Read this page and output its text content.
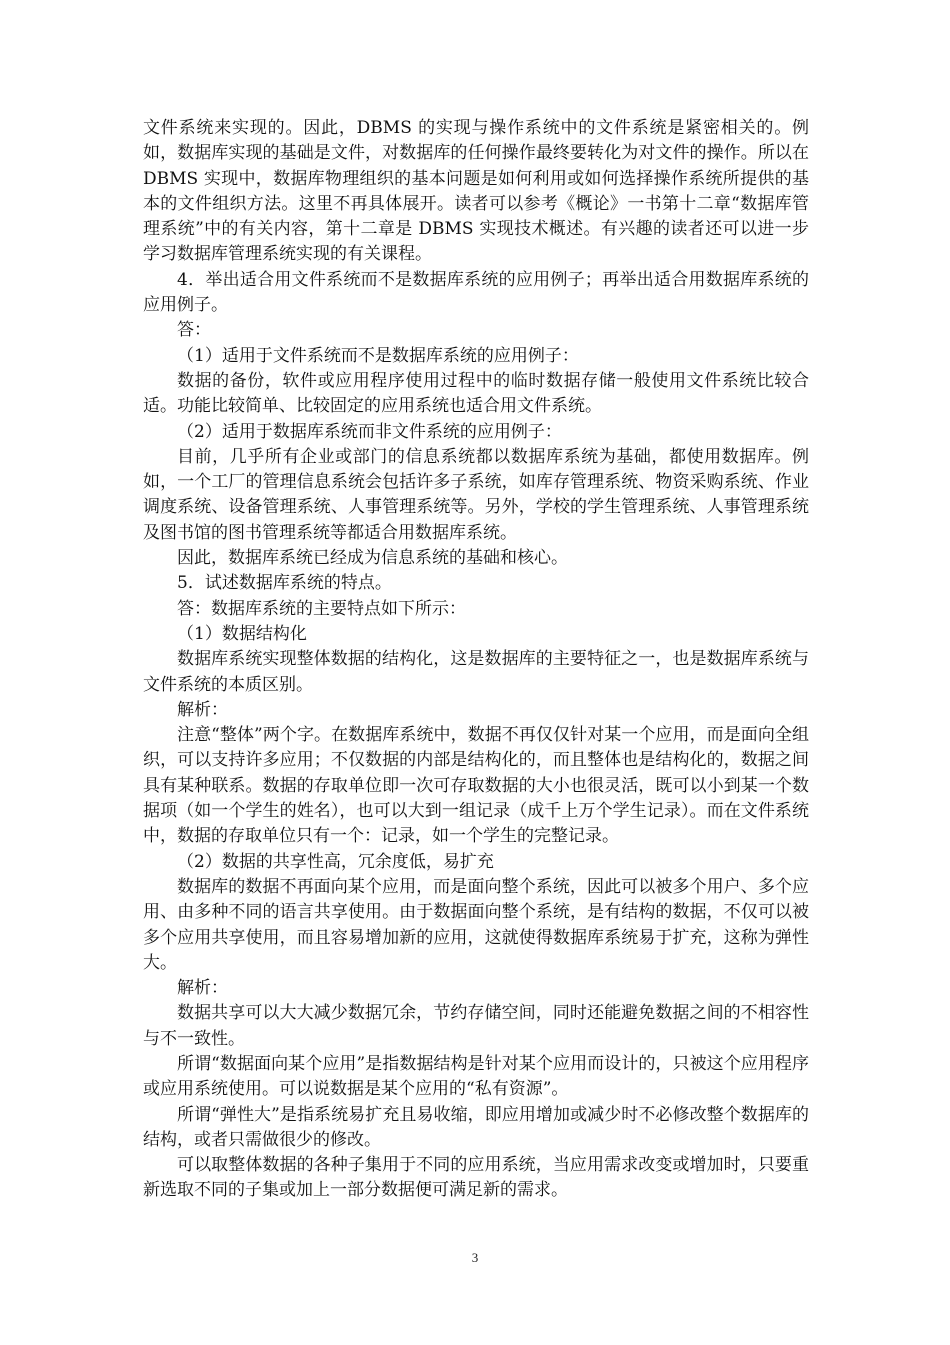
文件系统来实现的。因此，DBMS 的实现与操作系统中的文件系统是紧密相关的。例如，数据库实现的基础是文件，对数据库的任何操作最终要转化为对文件的操作。所以在 DBMS 实现中，数据库物理组织的基本问题是如何利用或如何选择操作系统所提供的基本的文件组织方法。这里不再具体展开。读者可以参考《概论》一书第十二章“数据库管理系统”中的有关内容，第十二章是 DBMS 实现技术概述。有兴趣的读者还可以进一步学习数据库管理系统实现的有关课程。

4．举出适合用文件系统而不是数据库系统的应用例子；再举出适合用数据库系统的应用例子。

答：

（1）适用于文件系统而不是数据库系统的应用例子：

数据的备份，软件或应用程序使用过程中的临时数据存储一般使用文件系统比较合适。功能比较简单、比较固定的应用系统也适合用文件系统。

（2）适用于数据库系统而非文件系统的应用例子：

目前，几乎所有企业或部门的信息系统都以数据库系统为基础，都使用数据库。例如，一个工厂的管理信息系统会包括许多子系统，如库存管理系统、物资采购系统、作业调度系统、设备管理系统、人事管理系统等。另外，学校的学生管理系统、人事管理系统及图书馆的图书管理系统等都适合用数据库系统。

因此，数据库系统已经成为信息系统的基础和核心。

5．试述数据库系统的特点。

答：数据库系统的主要特点如下所示：

（1）数据结构化

数据库系统实现整体数据的结构化，这是数据库的主要特征之一，也是数据库系统与文件系统的本质区别。

解析：

注意“整体”两个字。在数据库系统中，数据不再仅仅针对某一个应用，而是面向全组织，可以支持许多应用；不仅数据的内部是结构化的，而且整体也是结构化的，数据之间具有某种联系。数据的存取单位即一次可存取数据的大小也很灵活，既可以小到某一个数据项（如一个学生的姓名），也可以大到一组记录（成千上万个学生记录）。而在文件系统中，数据的存取单位只有一个：记录，如一个学生的完整记录。

（2）数据的共享性高，冗余度低，易扩充

数据库的数据不再面向某个应用，而是面向整个系统，因此可以被多个用户、多个应用、由多种不同的语言共享使用。由于数据面向整个系统，是有结构的数据，不仅可以被多个应用共享使用，而且容易增加新的应用，这就使得数据库系统易于扩充，这称为弹性大。

解析：

数据共享可以大大减少数据冗余，节约存储空间，同时还能避免数据之间的不相容性与不一致性。

所谓“数据面向某个应用”是指数据结构是针对某个应用而设计的，只被这个应用程序或应用系统使用。可以说数据是某个应用的“私有资源”。

所谓“弹性大”是指系统易扩充且易收缩，即应用增加或减少时不必修改整个数据库的结构，或者只需做很少的修改。

可以取整体数据的各种子集用于不同的应用系统，当应用需求改变或增加时，只要重新选取不同的子集或加上一部分数据便可满足新的需求。

3
